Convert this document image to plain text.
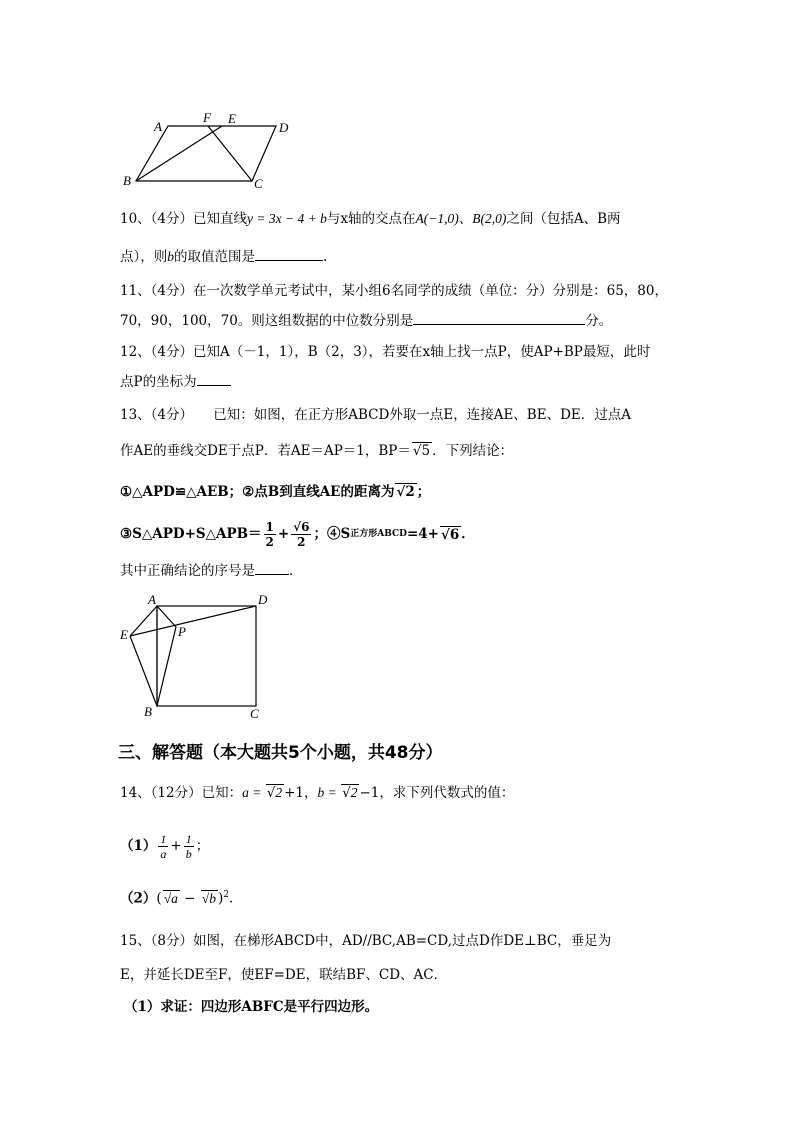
A
F E
D
B	C
10、（4分）已知直线y = 3x − 4 + b与x轴的交点在A(−1,0)、B(2,0)之间（包括A、B两
点），则b的取值范围是	.
11、（4分）在一次数学单元考试中，某小组6名同学的成绩（单位：分）分别是：65，80，
70，90，100，70。则这组数据的中位数分别是	分。
12、（4分）已知A（－1，1），B（2，3），若要在x轴上找一点P，使AP+BP最短，此时
点P的坐标为
13、（4分）　　已知：如图，在正方形ABCD外取一点E，连接AE、BE、DE．过点A
作AE的垂线交DE于点P．若AE＝AP＝1，BP＝ √5 ．下列结论：
①△APD≌△AEB；②点B到直线AE的距离为 √2 ；
③S△APD+S△APB＝ $\frac{1}{2} + \frac{√6}{2}$ ；④S 正方形ABCD =4+ √6 ．
其中正确结论的序号是	．
A	D
E	P
B	C
三、解答题（本大题共5个小题，共48分）
14、（12分）已知：a = √2 +1，b = √2 −1，求下列代数式的值：
$(1) \frac{1}{a} + \frac{1}{b}$ ；
（2）( √a − √b )$^2$．
15、（8分）如图，在梯形ABCD中，AD//BC,AB=CD,过点D作DE⊥BC，垂足为
E，并延长DE至F，使EF=DE，联结BF、CD、AC．
（1）求证：四边形ABFC是平行四边形。
